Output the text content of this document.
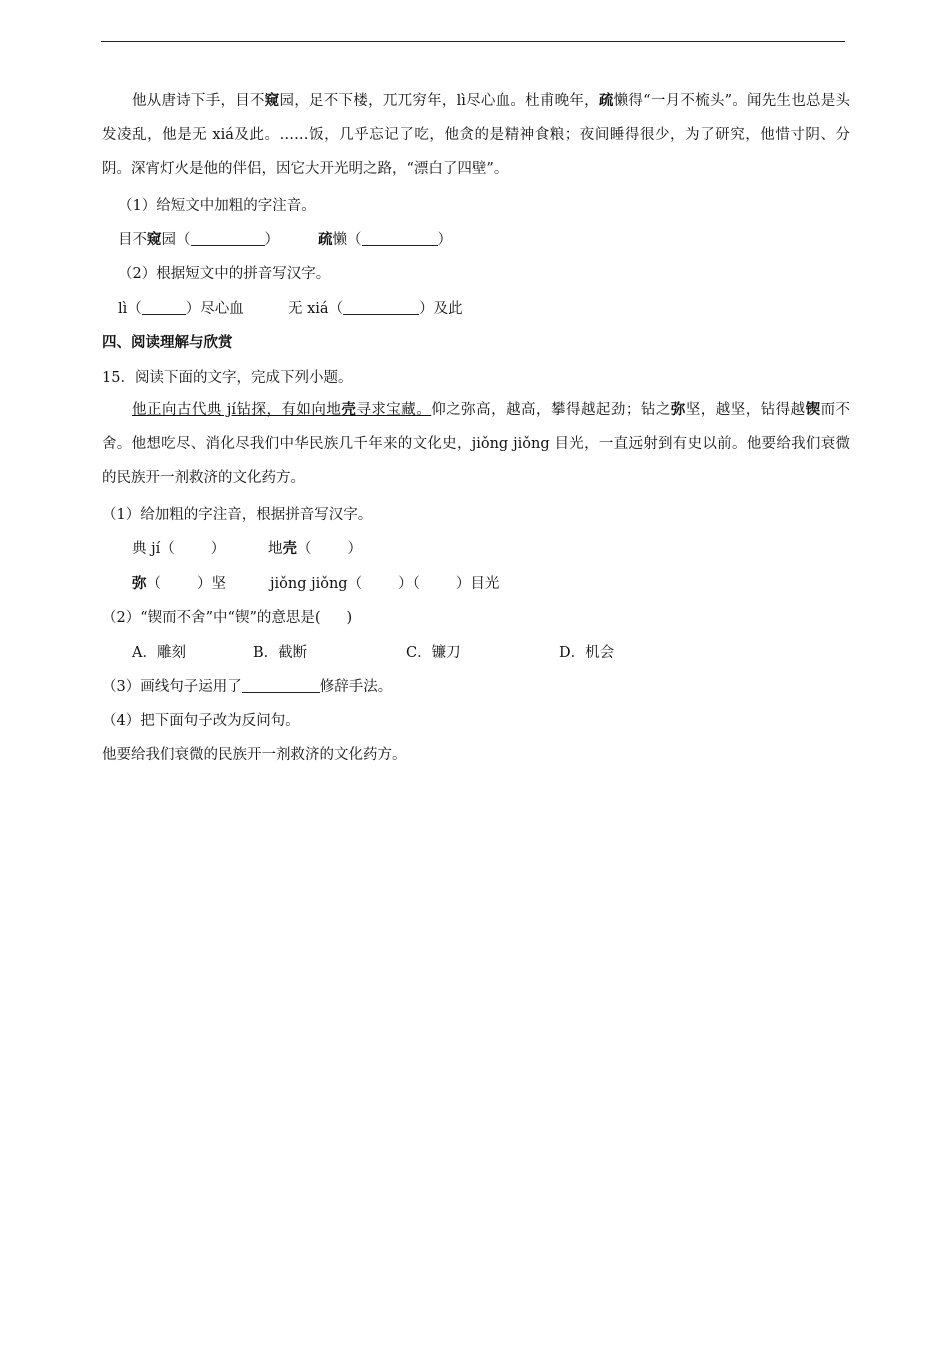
他从唐诗下手，目不窥园，足不下楼，兀兀穷年，lì尽心血。杜甫晚年，疏懒得“一月不梳头”。闻先生也总是头发凌乱，他是无 xiá及此。……饭，几乎忘记了吃，他贪的是精神食粮；夜间睡得很少，为了研究，他惜寸阴、分阴。深宵灯火是他的伴侣，因它大开光明之路，“漂白了四壁”。
（1）给短文中加粗的字注音。
目不窥园（	）	疏懒（	）
（2）根据短文中的拼音写汉字。
lì（	）尽心血	无 xiá（	）及此
四、阅读理解与欣赏
15．阅读下面的文字，完成下列小题。
他正向古代典 jí钻探，有如向地壳寻求宝藏。仰之弥高，越高，攀得越起劲；钻之弥坚，越坚，钻得越锲而不舍。他想吃尽、消化尽我们中华民族几千年来的文化史，jiǒng jiǒng 目光，一直远射到有史以前。他要给我们衰微的民族开一剂救济的文化药方。
（1）给加粗的字注音，根据拼音写汉字。
典 jí（ ）	地壳（ ）
弥（ ）坚	jiǒng jiǒng（ ）（ ）目光
（2）“锲而不舍”中“锲”的意思是( )
A．雕刻	B．截断	C．镰刀	D．机会
（3）画线句子运用了	修辞手法。
（4）把下面句子改为反问句。
他要给我们衰微的民族开一剂救济的文化药方。
